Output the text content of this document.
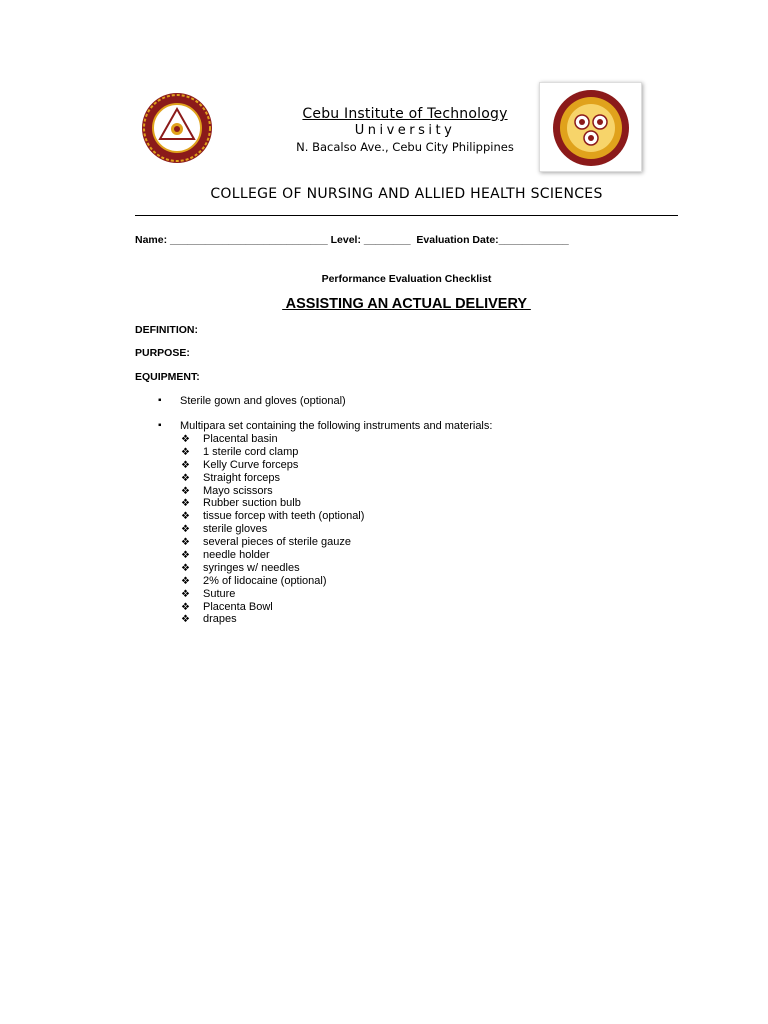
Cebu Institute of Technology
University
N. Bacalso Ave., Cebu City Philippines
COLLEGE OF NURSING AND ALLIED HEALTH SCIENCES
Name: ___________________________ Level: ________  Evaluation Date:____________
Performance Evaluation Checklist
ASSISTING AN ACTUAL DELIVERY
DEFINITION:
PURPOSE:
EQUIPMENT:
▪ Sterile gown and gloves (optional)
▪ Multipara set containing the following instruments and materials:
❖ Placental basin
❖ 1 sterile cord clamp
❖ Kelly Curve forceps
❖ Straight forceps
❖ Mayo scissors
❖ Rubber suction bulb
❖ tissue forcep with teeth (optional)
❖ sterile gloves
❖ several pieces of sterile gauze
❖ needle holder
❖ syringes w/ needles
❖ 2% of lidocaine (optional)
❖ Suture
❖ Placenta Bowl
❖ drapes
